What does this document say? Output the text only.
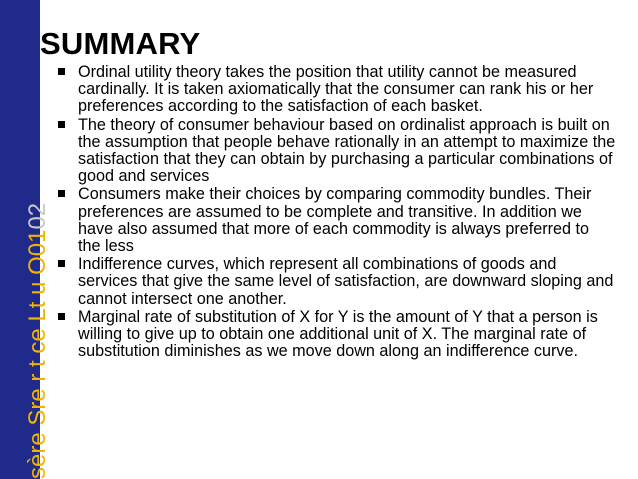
sère Sre r t ce Lt u O0102
SUMMARY
Ordinal utility theory takes the position that utility cannot be measured cardinally. It is taken axiomatically that the consumer can rank his or her preferences according to the satisfaction of each basket.
The theory of consumer behaviour based on ordinalist approach is built on the assumption that people behave rationally in an attempt to maximize the satisfaction that they can obtain by purchasing a particular combinations of good and services
Consumers make their choices by comparing commodity bundles. Their preferences are assumed to be complete and transitive. In addition we have also assumed that more of each commodity is always preferred to the less
Indifference curves, which represent all combinations of goods and services that give the same level of satisfaction, are downward sloping and cannot intersect one another.
Marginal rate of substitution of X for Y is the amount of Y that a person is willing to give up to obtain one additional unit of X. The marginal rate of substitution diminishes as we move down along an indifference curve.
